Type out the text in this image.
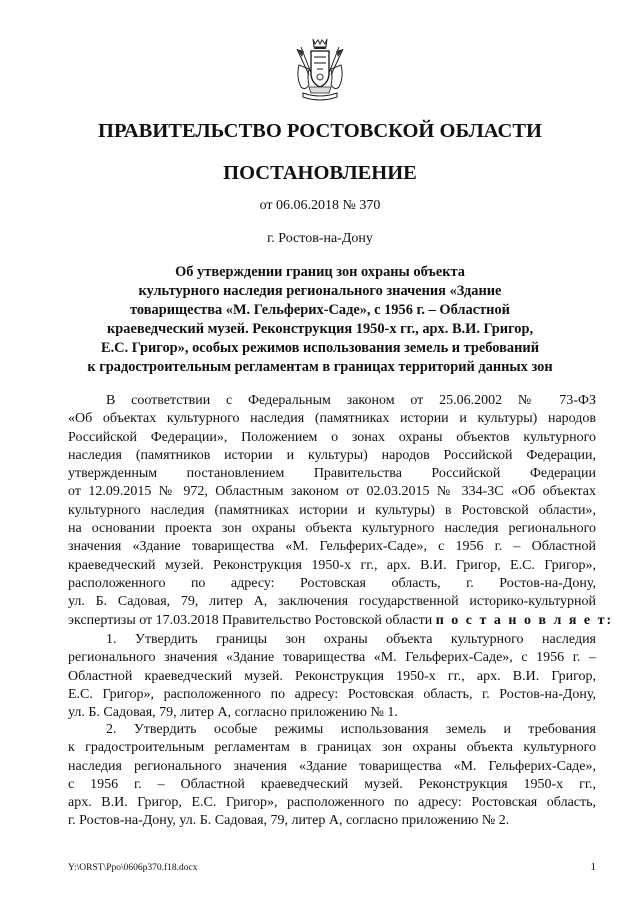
ПРАВИТЕЛЬСТВО РОСТОВСКОЙ ОБЛАСТИ
ПОСТАНОВЛЕНИЕ
от 06.06.2018 № 370
г. Ростов-на-Дону
Об утверждении границ зон охраны объекта
культурного наследия регионального значения «Здание
товарищества «М. Гельферих-Саде», с 1956 г. – Областной
краеведческий музей. Реконструкция 1950-х гг., арх. В.И. Григор,
Е.С. Григор», особых режимов использования земель и требований
к градостроительным регламентам в границах территорий данных зон
В соответствии с Федеральным законом от 25.06.2002 № 73-ФЗ
«Об объектах культурного наследия (памятниках истории и культуры) народов
Российской Федерации», Положением о зонах охраны объектов культурного
наследия (памятников истории и культуры) народов Российской Федерации,
утвержденным постановлением Правительства Российской Федерации
от 12.09.2015 № 972, Областным законом от 02.03.2015 № 334-ЗС «Об объектах
культурного наследия (памятниках истории и культуры) в Ростовской области»,
на основании проекта зон охраны объекта культурного наследия регионального
значения «Здание товарищества «М. Гельферих-Саде», с 1956 г. – Областной
краеведческий музей. Реконструкция 1950-х гг., арх. В.И. Григор, Е.С. Григор»,
расположенного по адресу: Ростовская область, г. Ростов-на-Дону,
ул. Б. Садовая, 79, литер А, заключения государственной историко-культурной
экспертизы от 17.03.2018 Правительство Ростовской области п о с т а н о в л я е т:
1. Утвердить границы зон охраны объекта культурного наследия
регионального значения «Здание товарищества «М. Гельферих-Саде», с 1956 г. –
Областной краеведческий музей. Реконструкция 1950-х гг., арх. В.И. Григор,
Е.С. Григор», расположенного по адресу: Ростовская область, г. Ростов-на-Дону,
ул. Б. Садовая, 79, литер А, согласно приложению № 1.
2. Утвердить особые режимы использования земель и требования
к градостроительным регламентам в границах зон охраны объекта культурного
наследия регионального значения «Здание товарищества «М. Гельферих-Саде»,
с 1956 г. – Областной краеведческий музей. Реконструкция 1950-х гг.,
арх. В.И. Григор, Е.С. Григор», расположенного по адресу: Ростовская область,
г. Ростов-на-Дону, ул. Б. Садовая, 79, литер А, согласно приложению № 2.
Y:\ORST\Ppo\0606p370.f18.docx	1
